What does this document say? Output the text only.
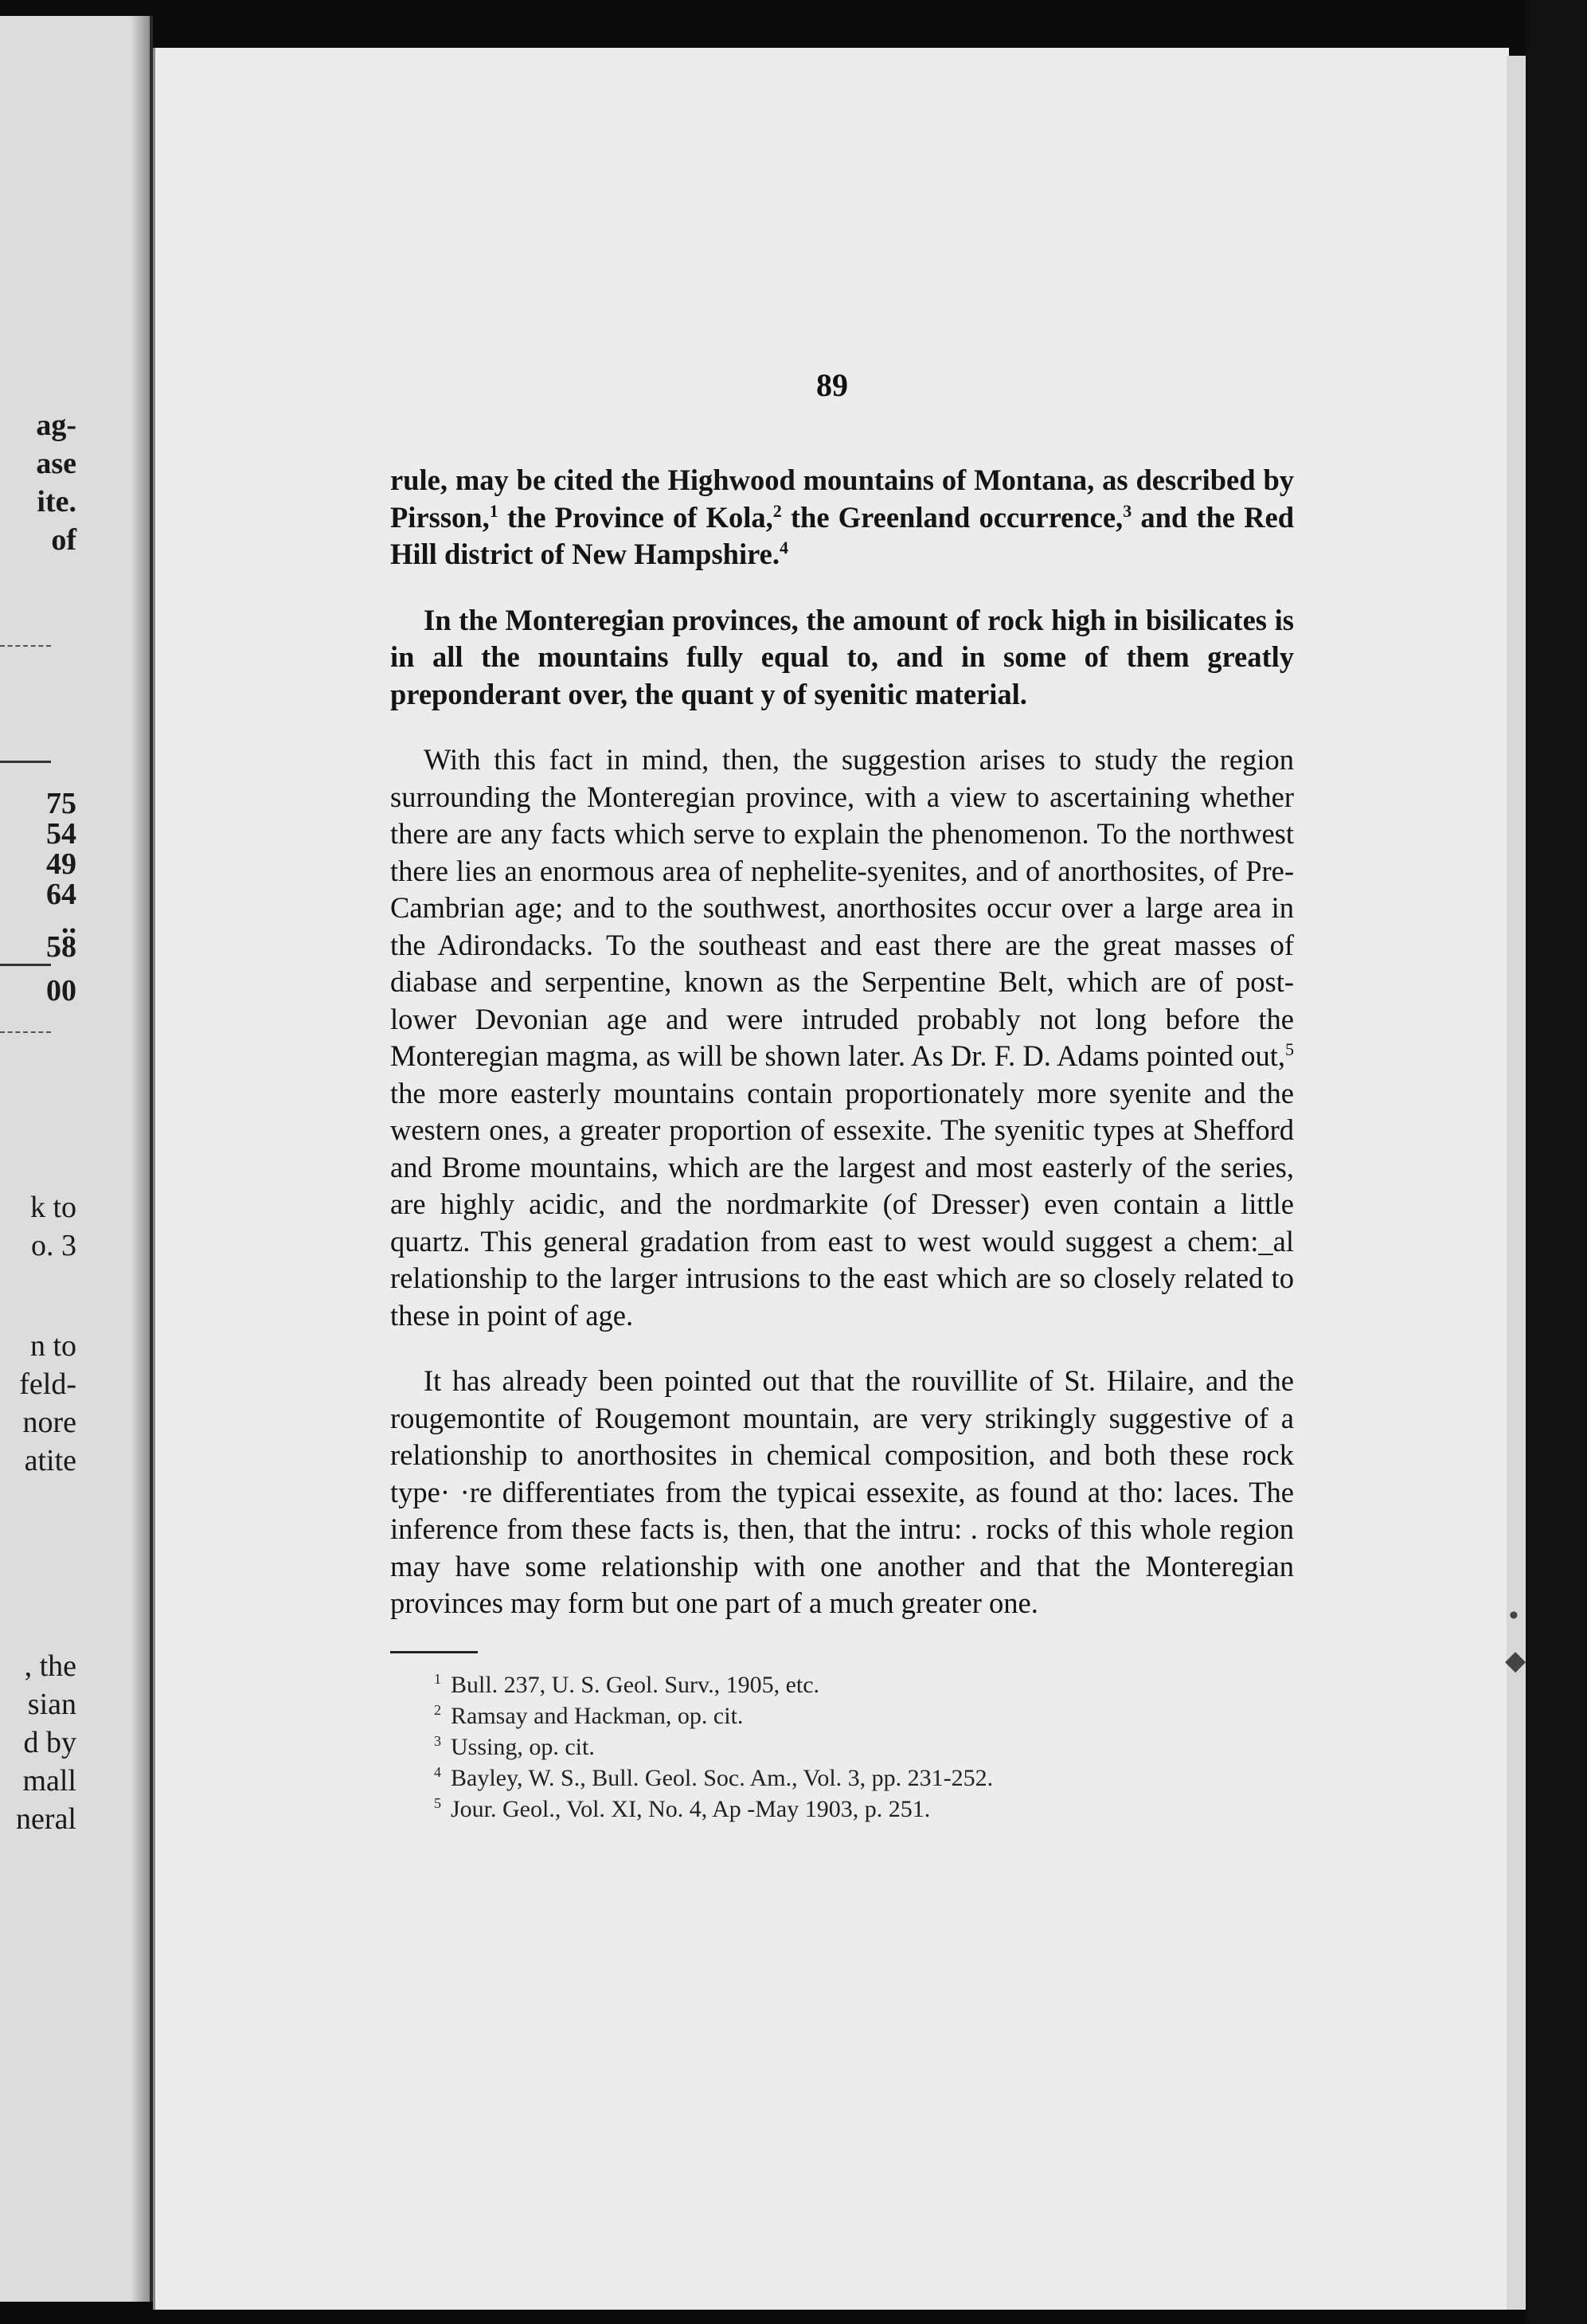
ag-

ase

ite.

of

75

54

49

64

..

58

00

k to

o. 3

n to

feld-

nore

atite

, the

sian

d by

mall

neral

89

rule, may be cited the Highwood mountains of Montana, as described by Pirsson,$^1$ the Province of Kola,$^2$ the Greenland occurrence,$^3$ and the Red Hill district of New Hampshire.$^4$

In the Monteregian provinces, the amount of rock high in bisilicates is in all the mountains fully equal to, and in some of them greatly preponderant over, the quant y of syenitic material.

With this fact in mind, then, the suggestion arises to study the region surrounding the Monteregian province, with a view to ascertaining whether there are any facts which serve to explain the phenomenon. To the northwest there lies an enormous area of nephelite-syenites, and of anorthosites, of Pre-Cambrian age; and to the southwest, anorthosites occur over a large area in the Adirondacks. To the southeast and east there are the great masses of diabase and serpentine, known as the Serpentine Belt, which are of post-lower Devonian age and were intruded probably not long before the Monteregian magma, as will be shown later. As Dr. F. D. Adams pointed out,$^5$ the more easterly mountains contain proportionately more syenite and the western ones, a greater proportion of essexite. The syenitic types at Shefford and Brome mountains, which are the largest and most easterly of the series, are highly acidic, and the nordmarkite (of Dresser) even contain a little quartz. This general gradation from east to west would suggest a chem:_al relationship to the larger intrusions to the east which are so closely related to these in point of age.

It has already been pointed out that the rouvillite of St. Hilaire, and the rougemontite of Rougemont mountain, are very strikingly suggestive of a relationship to anorthosites in chemical composition, and both these rock type· ·re differentiates from the typicai essexite, as found at tho: laces. The inference from these facts is, then, that the intru: . rocks of this whole region may have some relationship with one another and that the Monteregian provinces may form but one part of a much greater one.

$^1$ Bull. 237, U. S. Geol. Surv., 1905, etc.
$^2$ Ramsay and Hackman, op. cit.
$^3$ Ussing, op. cit.
$^4$ Bayley, W. S., Bull. Geol. Soc. Am., Vol. 3, pp. 231-252.
$^5$ Jour. Geol., Vol. XI, No. 4, Ap -May 1903, p. 251.
•
◆
